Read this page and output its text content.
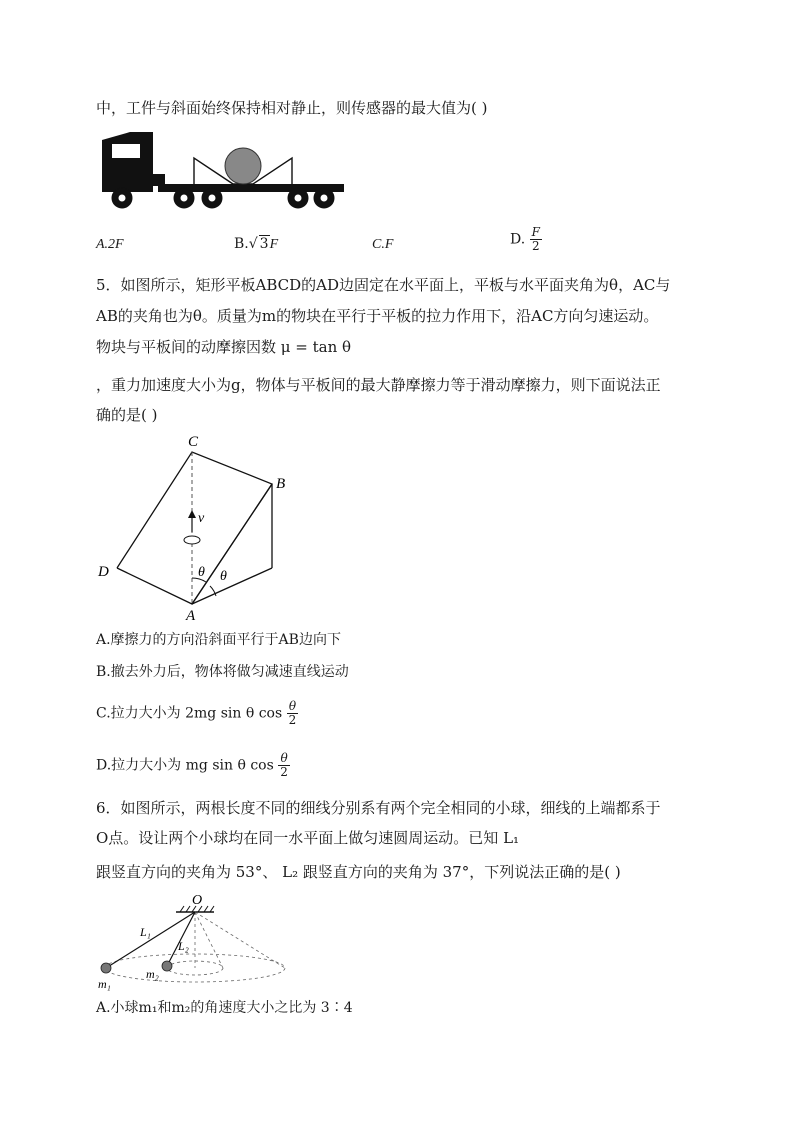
中，工件与斜面始终保持相对静止，则传感器的最大值为( )
A.2F	B.√ 3F	C.F	D. $\frac{F}{2}$
5．如图所示，矩形平板ABCD的AD边固定在水平面上，平板与水平面夹角为θ，AC与
AB的夹角也为θ。质量为m的物块在平行于平板的拉力作用下，沿AC方向匀速运动。
物块与平板间的动摩擦因数 μ = tan θ
，重力加速度大小为g，物体与平板间的最大静摩擦力等于滑动摩擦力，则下面说法正
确的是( )
C
B
D
A
v
θ θ
A.摩擦力的方向沿斜面平行于AB边向下
B.撤去外力后，物体将做匀减速直线运动
C.拉力大小为 2mg sin θ $\cos \frac{\theta}{2}$
D.拉力大小为 mg sin θ $\cos \frac{\theta}{2}$
6．如图所示，两根长度不同的细线分别系有两个完全相同的小球，细线的上端都系于
O点。设让两个小球均在同一水平面上做匀速圆周运动。已知 L₁
跟竖直方向的夹角为 53°、 L₂ 跟竖直方向的夹角为 37°，下列说法正确的是( )
O
L₁
L₂
m₁
m₂
A.小球m₁和m₂的角速度大小之比为 3∶4
